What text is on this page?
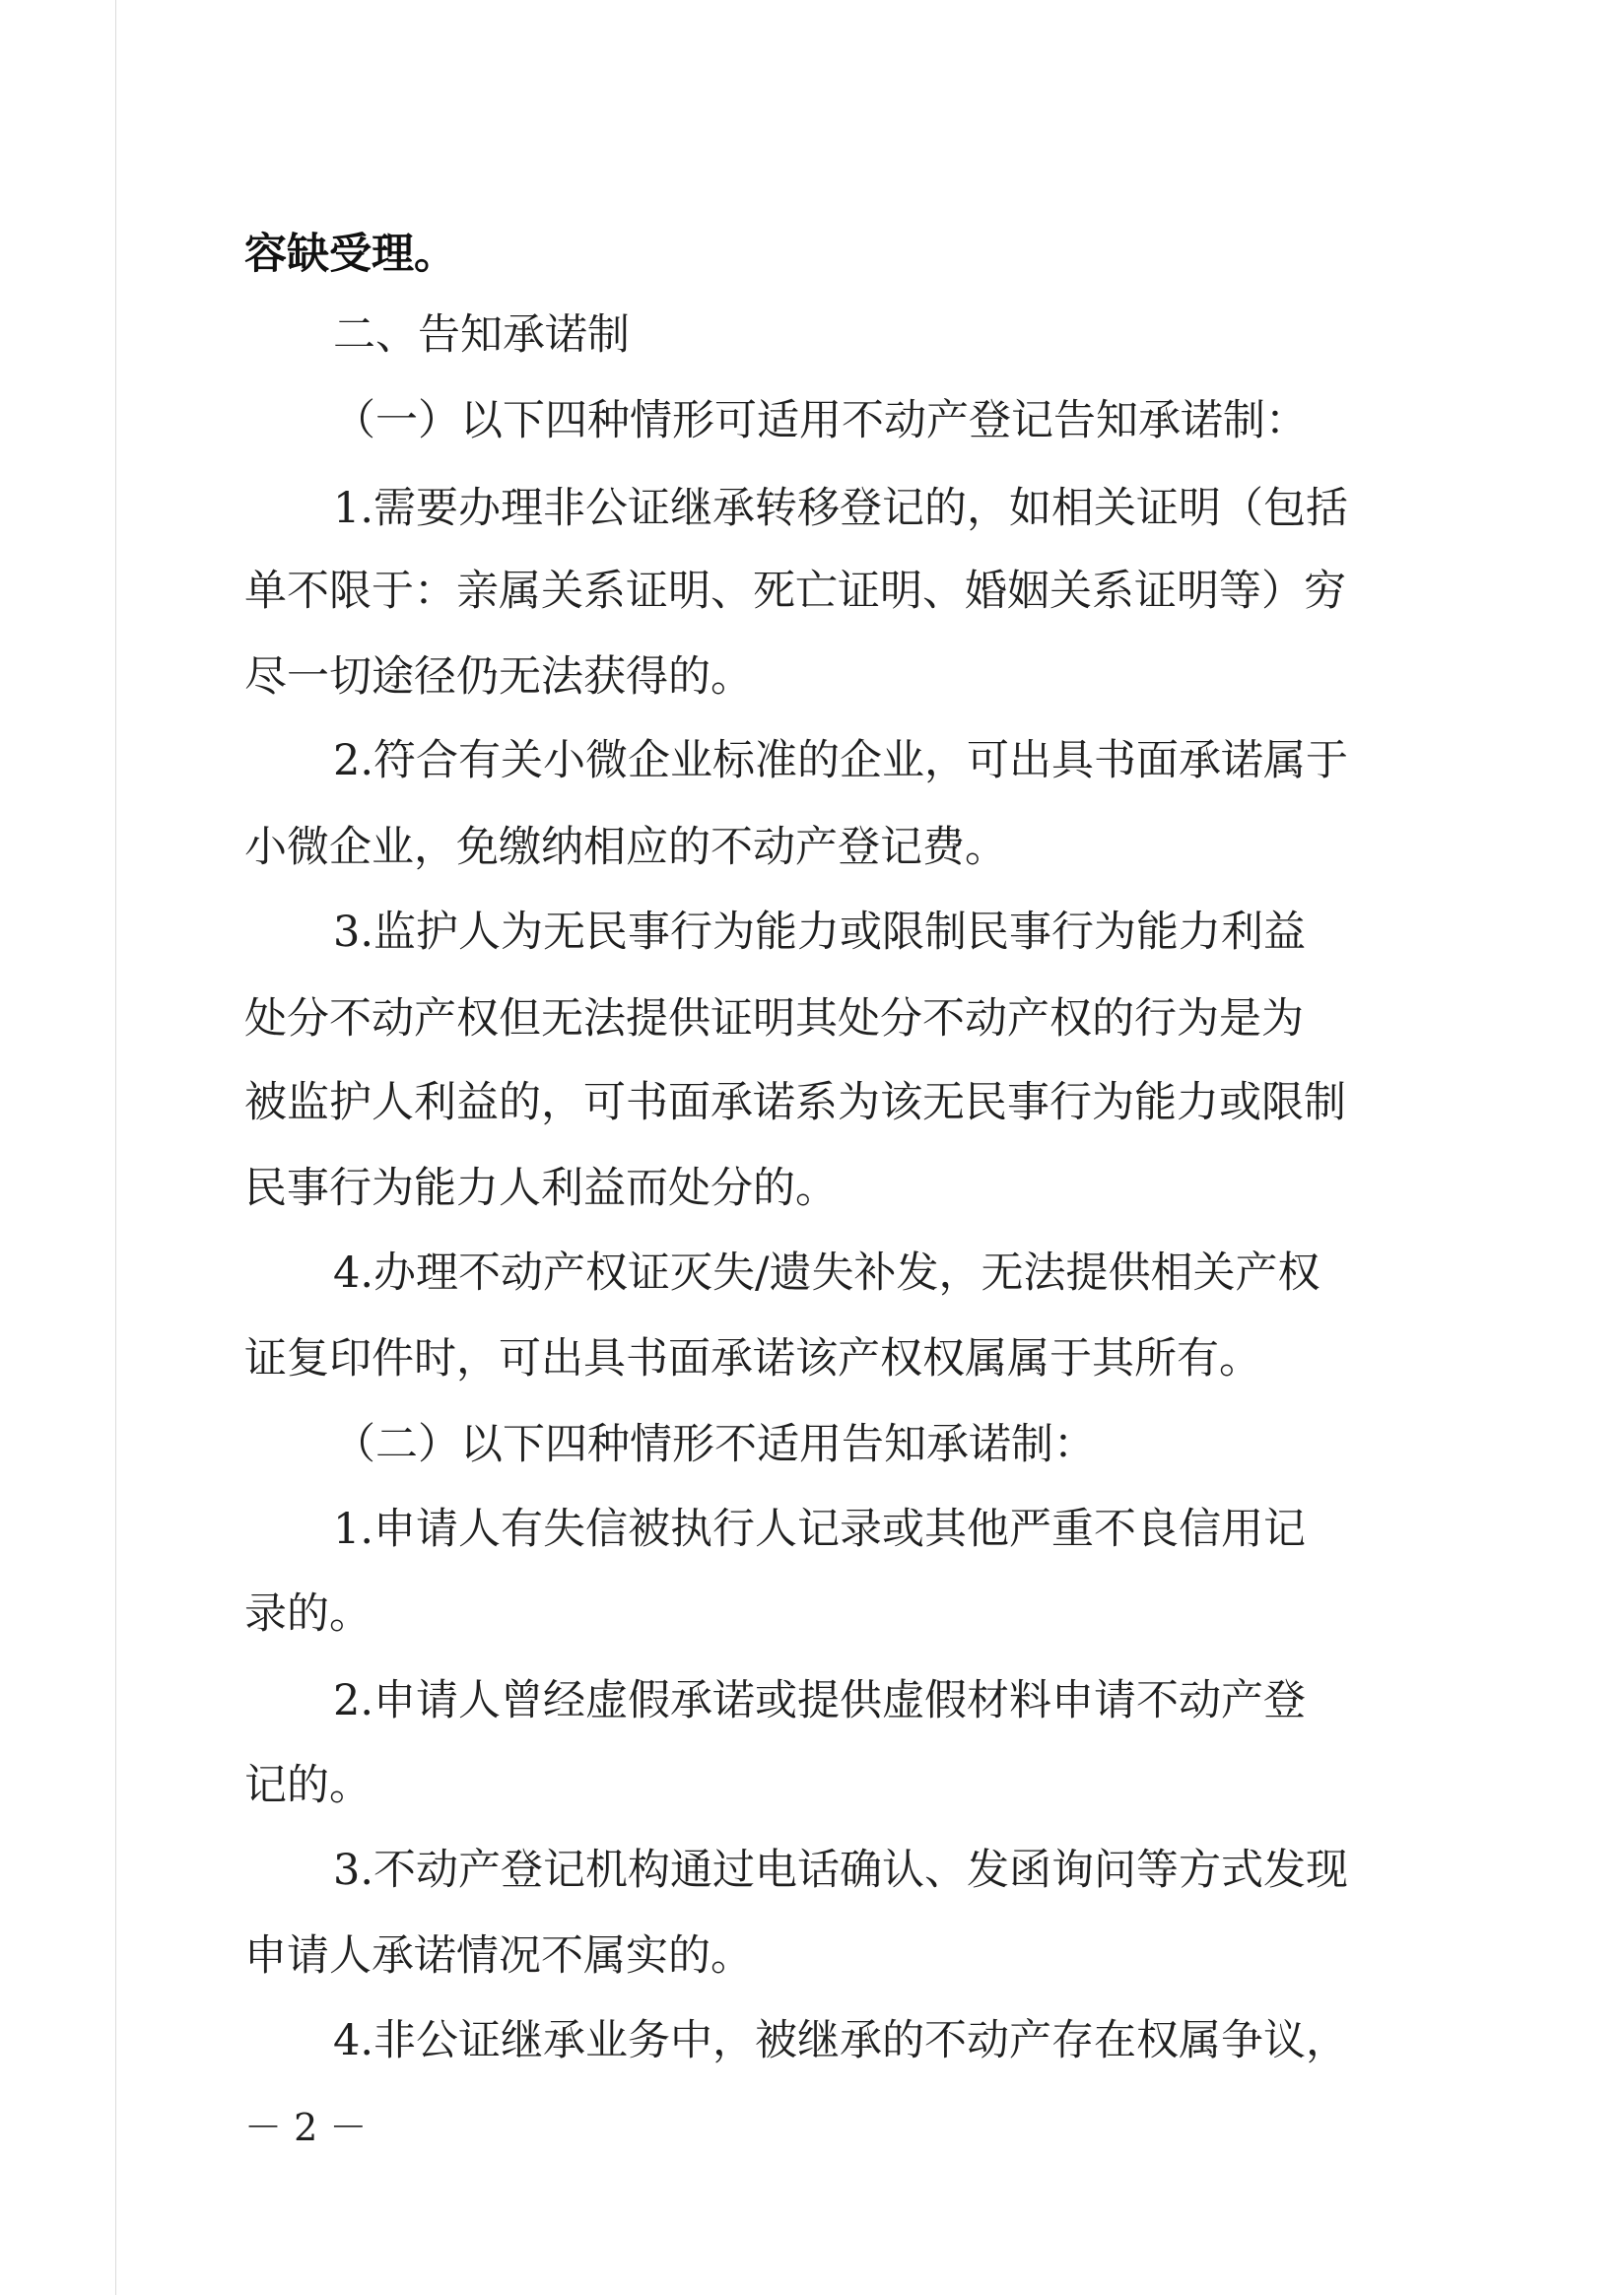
容缺受理。
二、告知承诺制
（一）以下四种情形可适用不动产登记告知承诺制：
1.需要办理非公证继承转移登记的，如相关证明（包括
单不限于：亲属关系证明、死亡证明、婚姻关系证明等）穷
尽一切途径仍无法获得的。
2.符合有关小微企业标准的企业，可出具书面承诺属于
小微企业，免缴纳相应的不动产登记费。
3.监护人为无民事行为能力或限制民事行为能力利益
处分不动产权但无法提供证明其处分不动产权的行为是为
被监护人利益的，可书面承诺系为该无民事行为能力或限制
民事行为能力人利益而处分的。
4.办理不动产权证灭失/遗失补发，无法提供相关产权
证复印件时，可出具书面承诺该产权权属属于其所有。
（二）以下四种情形不适用告知承诺制：
1.申请人有失信被执行人记录或其他严重不良信用记
录的。
2.申请人曾经虚假承诺或提供虚假材料申请不动产登
记的。
3.不动产登记机构通过电话确认、发函询问等方式发现
申请人承诺情况不属实的。
4.非公证继承业务中，被继承的不动产存在权属争议，
－ 2 －
